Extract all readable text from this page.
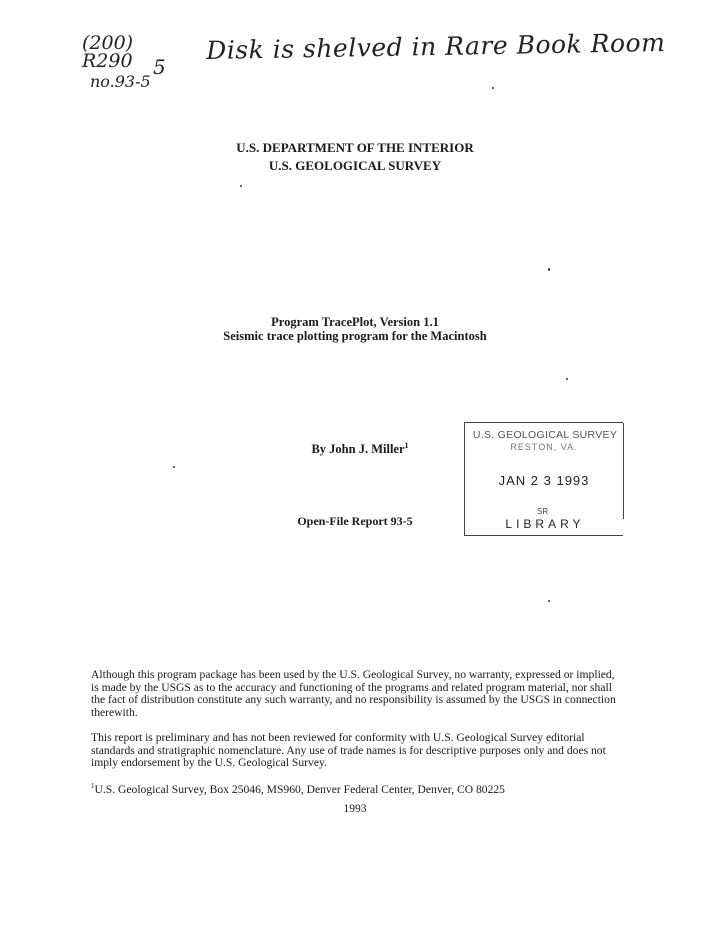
(200)
R290
no.93-5
5
Disk is shelved in Rare Book Room
U.S. DEPARTMENT OF THE INTERIOR
U.S. GEOLOGICAL SURVEY
Program TracePlot, Version 1.1
Seismic trace plotting program for the Macintosh
By John J. Miller$^1$
Open-File Report 93-5
U.S. GEOLOGICAL SURVEY
RESTON, VA.
JAN 2 3 1993
SR
LIBRARY
Although this program package has been used by the U.S. Geological Survey, no warranty, expressed or implied, is made by the USGS as to the accuracy and functioning of the programs and related program material, nor shall the fact of distribution constitute any such warranty, and no responsibility is assumed by the USGS in connection therewith.
This report is preliminary and has not been reviewed for conformity with U.S. Geological Survey editorial standards and stratigraphic nomenclature. Any use of trade names is for descriptive purposes only and does not imply endorsement by the U.S. Geological Survey.
$^1$U.S. Geological Survey, Box 25046, MS960, Denver Federal Center, Denver, CO 80225
1993
